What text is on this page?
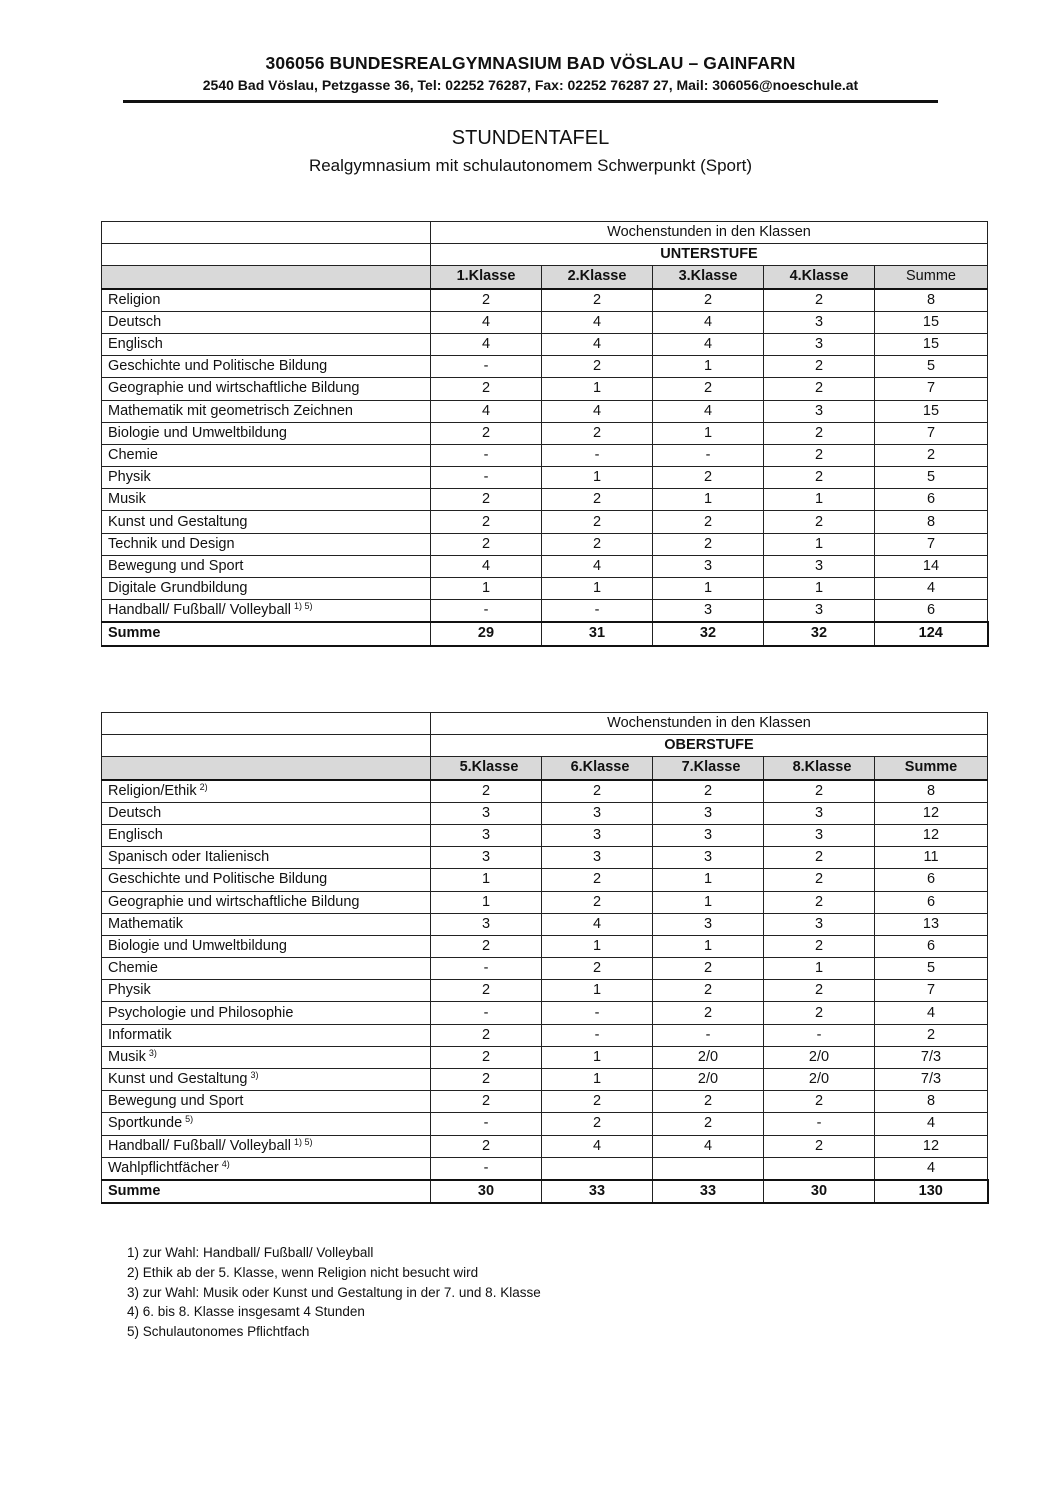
306056 BUNDESREALGYMNASIUM BAD VÖSLAU – GAINFARN
2540 Bad Vöslau, Petzgasse 36, Tel: 02252 76287, Fax: 02252 76287 27, Mail: 306056@noeschule.at
STUNDENTAFEL
Realgymnasium mit schulautonomem Schwerpunkt (Sport)
	Wochenstunden in den Klassen				
	UNTERSTUFE				
	1.Klasse	2.Klasse	3.Klasse	4.Klasse	Summe
Religion	2	2	2	2	8
Deutsch	4	4	4	3	15
Englisch	4	4	4	3	15
Geschichte und Politische Bildung	-	2	1	2	5
Geographie und wirtschaftliche Bildung	2	1	2	2	7
Mathematik mit geometrisch Zeichnen	4	4	4	3	15
Biologie und Umweltbildung	2	2	1	2	7
Chemie	-	-	-	2	2
Physik	-	1	2	2	5
Musik	2	2	1	1	6
Kunst und Gestaltung	2	2	2	2	8
Technik und Design	2	2	2	1	7
Bewegung und Sport	4	4	3	3	14
Digitale Grundbildung	1	1	1	1	4
Handball/ Fußball/ Volleyball $^{1) 5)}$	-	-	3	3	6
Summe	29	31	32	32	124
	Wochenstunden in den Klassen				
	OBERSTUFE				
	5.Klasse	6.Klasse	7.Klasse	8.Klasse	Summe
Religion/Ethik $^{2)}$	2	2	2	2	8
Deutsch	3	3	3	3	12
Englisch	3	3	3	3	12
Spanisch oder Italienisch	3	3	3	2	11
Geschichte und Politische Bildung	1	2	1	2	6
Geographie und wirtschaftliche Bildung	1	2	1	2	6
Mathematik	3	4	3	3	13
Biologie und Umweltbildung	2	1	1	2	6
Chemie	-	2	2	1	5
Physik	2	1	2	2	7
Psychologie und Philosophie	-	-	2	2	4
Informatik	2	-	-	-	2
Musik $^{3)}$	2	1	2/0	2/0	7/3
Kunst und Gestaltung $^{3)}$	2	1	2/0	2/0	7/3
Bewegung und Sport	2	2	2	2	8
Sportkunde $^{5)}$	-	2	2	-	4
Handball/ Fußball/ Volleyball $^{1) 5)}$	2	4	4	2	12
Wahlpflichtfächer $^{4)}$	-				4
Summe	30	33	33	30	130
1) zur Wahl: Handball/ Fußball/ Volleyball
2) Ethik ab der 5. Klasse, wenn Religion nicht besucht wird
3) zur Wahl: Musik oder Kunst und Gestaltung in der 7. und 8. Klasse
4) 6. bis 8. Klasse insgesamt 4 Stunden
5) Schulautonomes Pflichtfach
